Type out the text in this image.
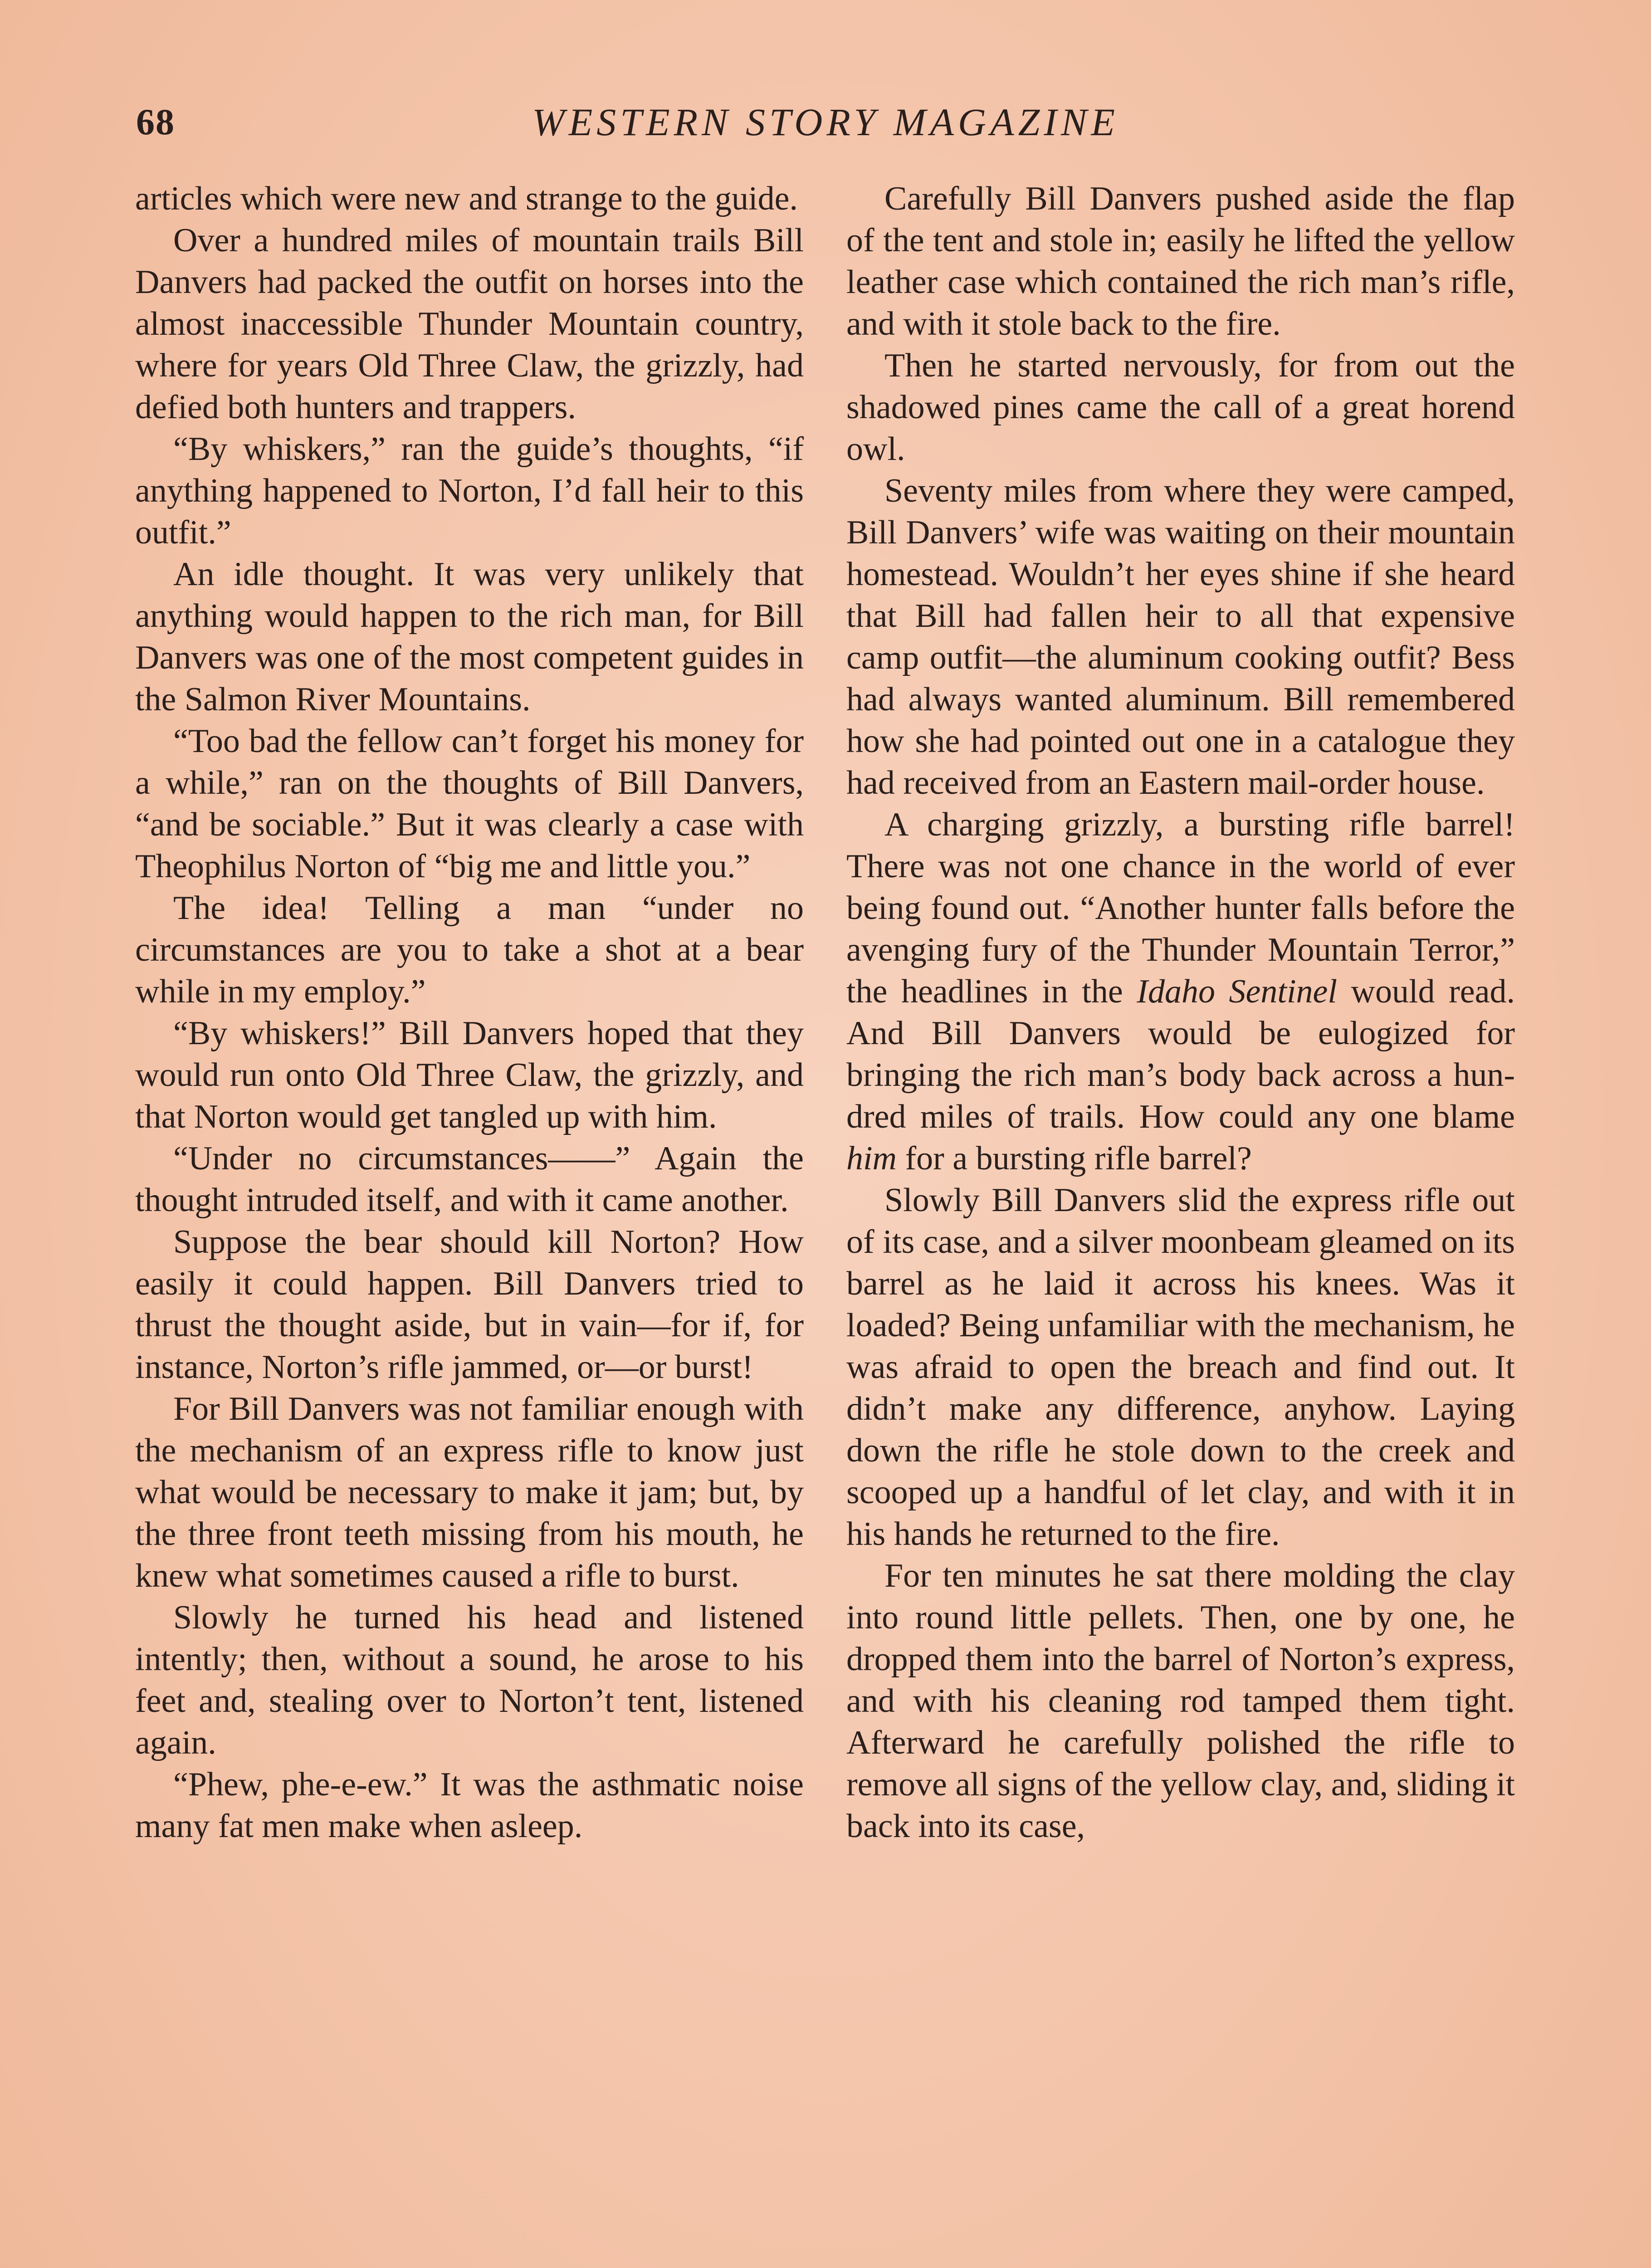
68	WESTERN STORY MAGAZINE

articles which were new and strange to the guide.

Over a hundred miles of mountain trails Bill Danvers had packed the outfit on horses into the almost inaccessible Thunder Mountain country, where for years Old Three Claw, the grizzly, had defied both hunters and trappers.

“By whiskers,” ran the guide’s thoughts, “if anything happened to Norton, I’d fall heir to this outfit.”

An idle thought. It was very unlikely that anything would happen to the rich man, for Bill Danvers was one of the most competent guides in the Salmon River Mountains.

“Too bad the fellow can’t forget his money for a while,” ran on the thoughts of Bill Danvers, “and be sociable.” But it was clearly a case with Theophilus Norton of “big me and little you.”

The idea! Telling a man “under no circumstances are you to take a shot at a bear while in my employ.”

“By whiskers!” Bill Danvers hoped that they would run onto Old Three Claw, the grizzly, and that Norton would get tangled up with him.

“Under no circumstances——” Again the thought intruded itself, and with it came another.

Suppose the bear should kill Norton? How easily it could happen. Bill Danvers tried to thrust the thought aside, but in vain—for if, for instance, Norton’s rifle jammed, or—or burst!

For Bill Danvers was not familiar enough with the mechanism of an express rifle to know just what would be necessary to make it jam; but, by the three front teeth missing from his mouth, he knew what sometimes caused a rifle to burst.

Slowly he turned his head and listened intently; then, without a sound, he arose to his feet and, stealing over to Norton’t tent, listened again.

“Phew, phe-e-ew.” It was the asthmatic noise many fat men make when asleep.

Carefully Bill Danvers pushed aside the flap of the tent and stole in; easily he lifted the yellow leather case which contained the rich man’s rifle, and with it stole back to the fire.

Then he started nervously, for from out the shadowed pines came the call of a great horend owl.

Seventy miles from where they were camped, Bill Danvers’ wife was waiting on their mountain homestead. Wouldn’t her eyes shine if she heard that Bill had fallen heir to all that expensive camp outfit—the aluminum cooking outfit? Bess had always wanted aluminum. Bill remembered how she had pointed out one in a catalogue they had received from an Eastern mail-order house.

A charging grizzly, a bursting rifle barrel! There was not one chance in the world of ever being found out. “Another hunter falls before the avenging fury of the Thunder Mountain Terror,” the headlines in the Idaho Sentinel would read. And Bill Danvers would be eulogized for bringing the rich man’s body back across a hundred miles of trails. How could any one blame him for a bursting rifle barrel?

Slowly Bill Danvers slid the express rifle out of its case, and a silver moonbeam gleamed on its barrel as he laid it across his knees. Was it loaded? Being unfamiliar with the mechanism, he was afraid to open the breach and find out. It didn’t make any difference, anyhow. Laying down the rifle he stole down to the creek and scooped up a handful of let clay, and with it in his hands he returned to the fire.

For ten minutes he sat there molding the clay into round little pellets. Then, one by one, he dropped them into the barrel of Norton’s express, and with his cleaning rod tamped them tight. Afterward he carefully polished the rifle to remove all signs of the yellow clay, and, sliding it back into its case,
